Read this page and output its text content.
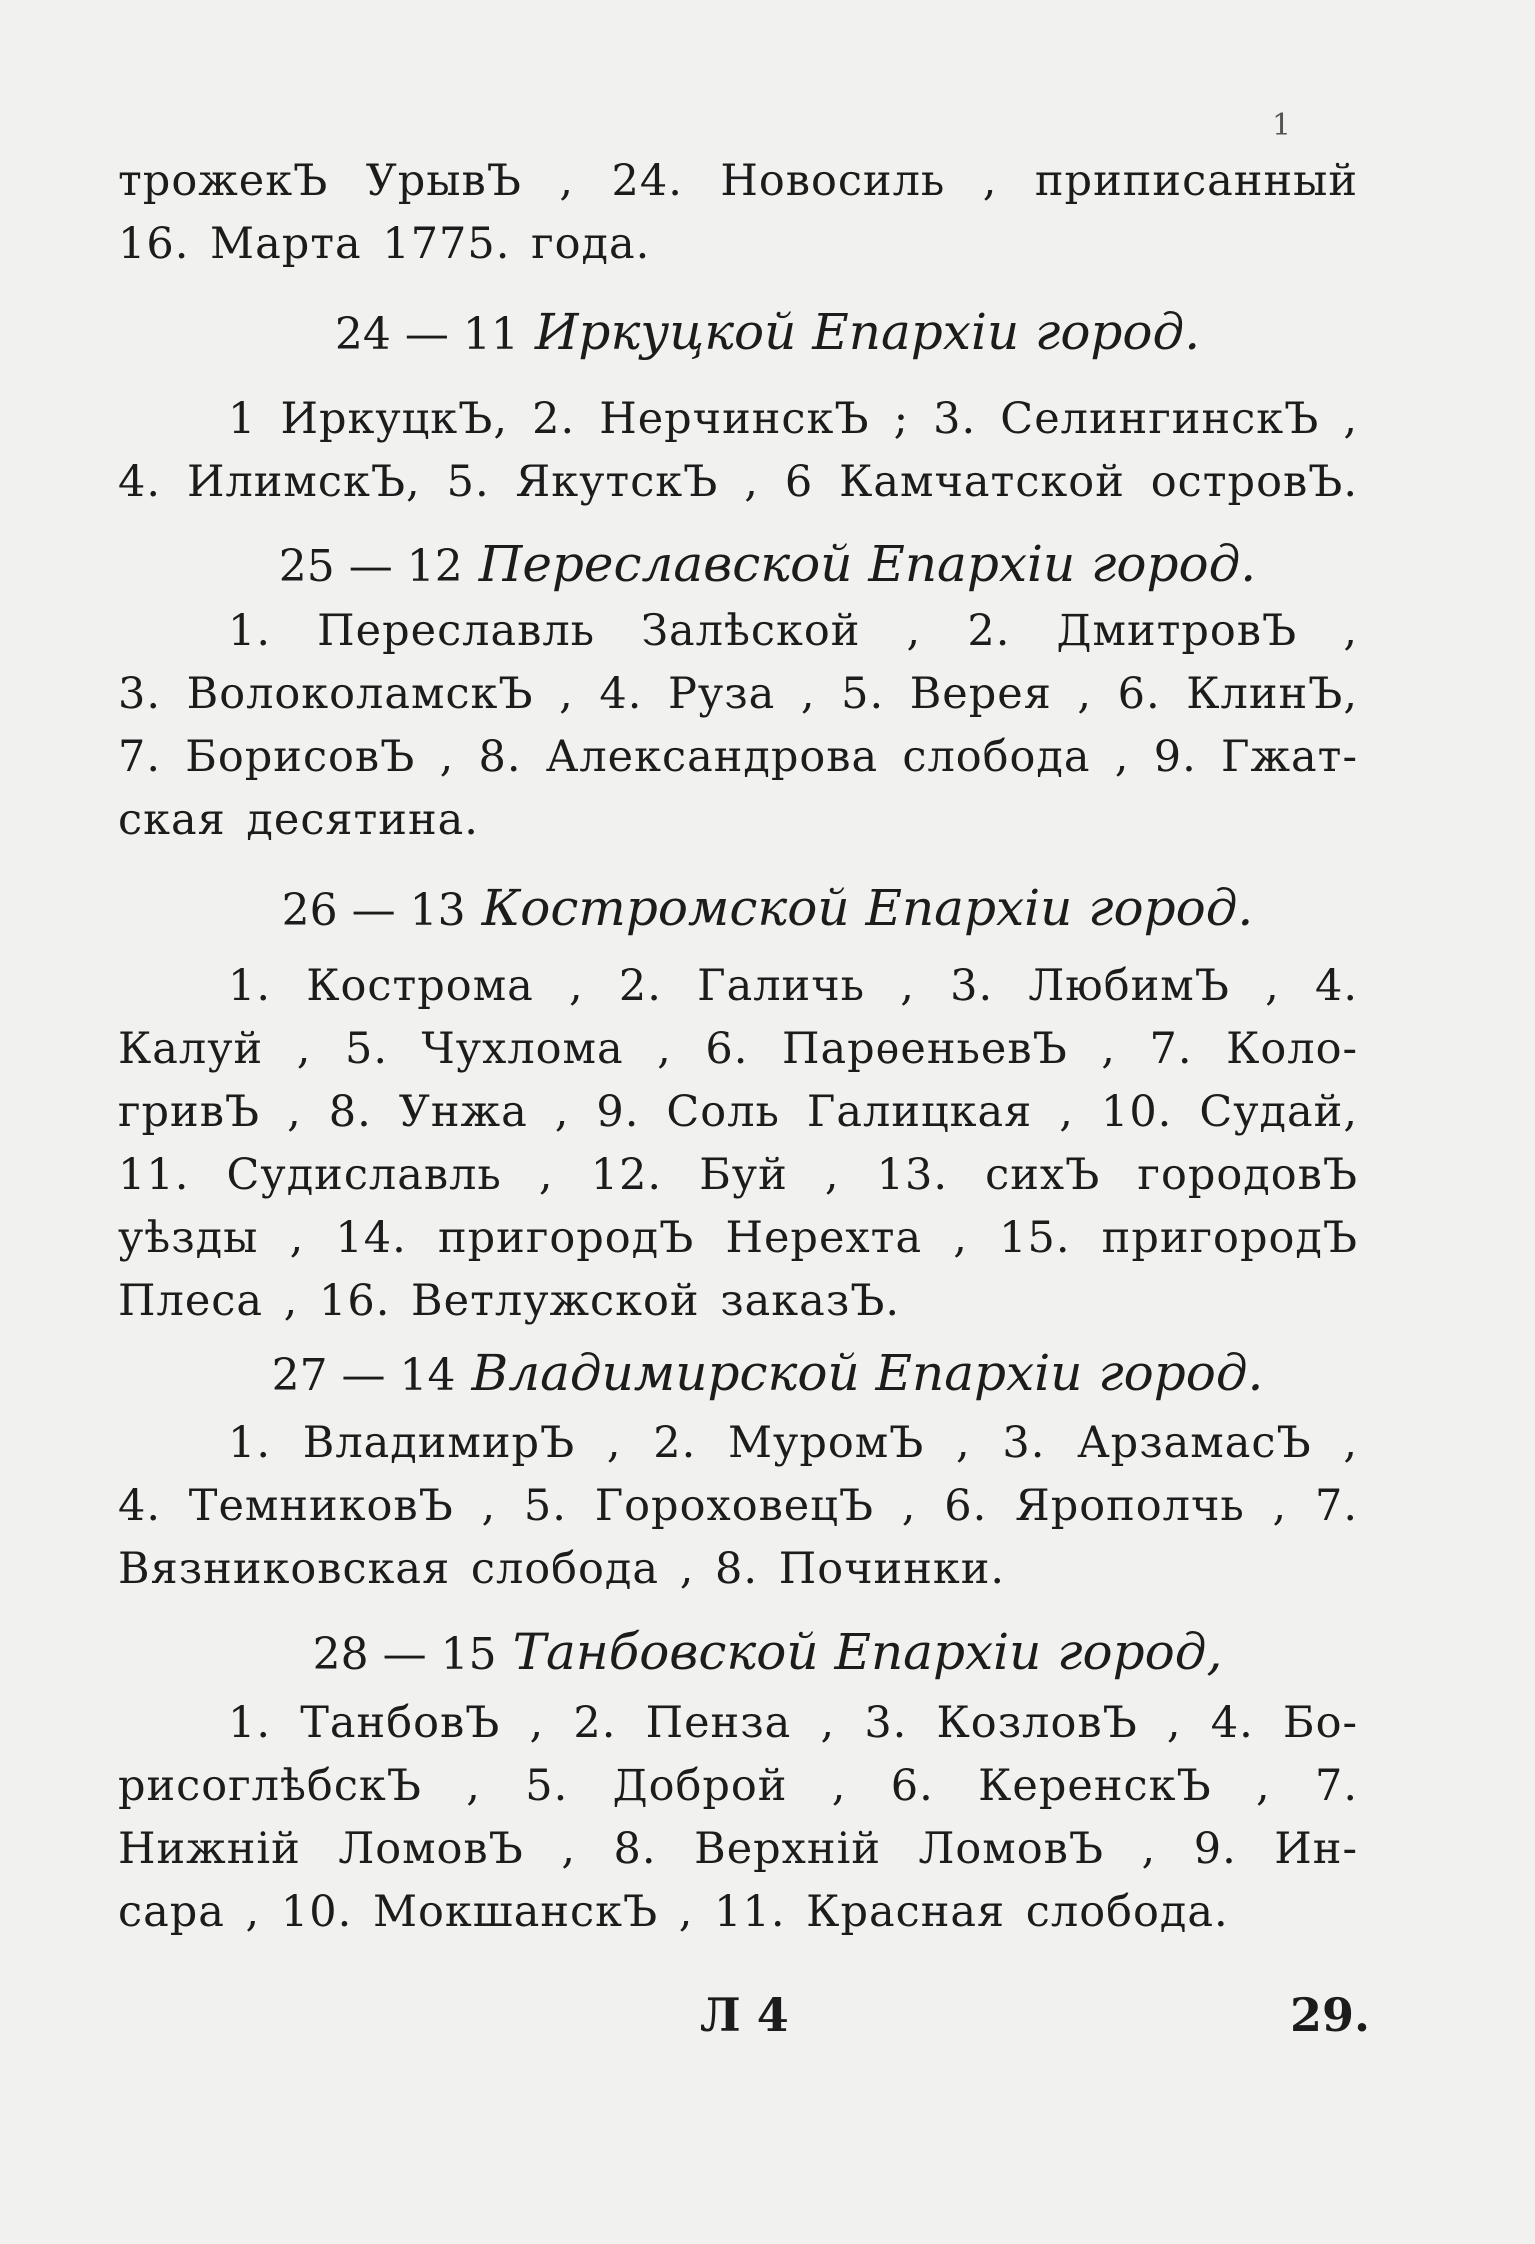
1
трожекЪ УрывЪ , 24. Новосиль , приписанный
16. Марта 1775. года.
24 — 11 Иркуцкой Епархіи город.
1 ИркуцкЪ, 2. НерчинскЪ ; 3. СелингинскЪ ,
4. ИлимскЪ, 5. ЯкутскЪ , 6 Камчатской островЪ.
25 — 12 Переславской Епархіи город.
1. Переславль Залѣской , 2. ДмитровЪ ,
3. ВолоколамскЪ , 4. Руза , 5. Верея , 6. КлинЪ,
7. БорисовЪ , 8. Александрова слобода , 9. Гжат-
ская десятина.
26 — 13 Костромской Епархіи город.
1. Кострома , 2. Галичь , 3. ЛюбимЪ , 4.
Калуй , 5. Чухлома , 6. ПарѳеньевЪ , 7. Коло-
гривЪ , 8. Унжа , 9. Соль Галицкая , 10. Судай,
11. Судиславль , 12. Буй , 13. сихЪ городовЪ
уѣзды , 14. пригородЪ Нерехта , 15. пригородЪ
Плеса , 16. Ветлужской заказЪ.
27 — 14 Владимирской Епархіи город.
1. ВладимирЪ , 2. МуромЪ , 3. АрзамасЪ ,
4. ТемниковЪ , 5. ГороховецЪ , 6. Ярополчь , 7.
Вязниковская слобода , 8. Починки.
28 — 15 Танбовской Епархіи город,
1. ТанбовЪ , 2. Пенза , 3. КозловЪ , 4. Бо-
рисоглѣбскЪ , 5. Доброй , 6. КеренскЪ , 7.
Нижній ЛомовЪ , 8. Верхній ЛомовЪ , 9. Ин-
сара , 10. МокшанскЪ , 11. Красная слобода.
Л 4	29.
